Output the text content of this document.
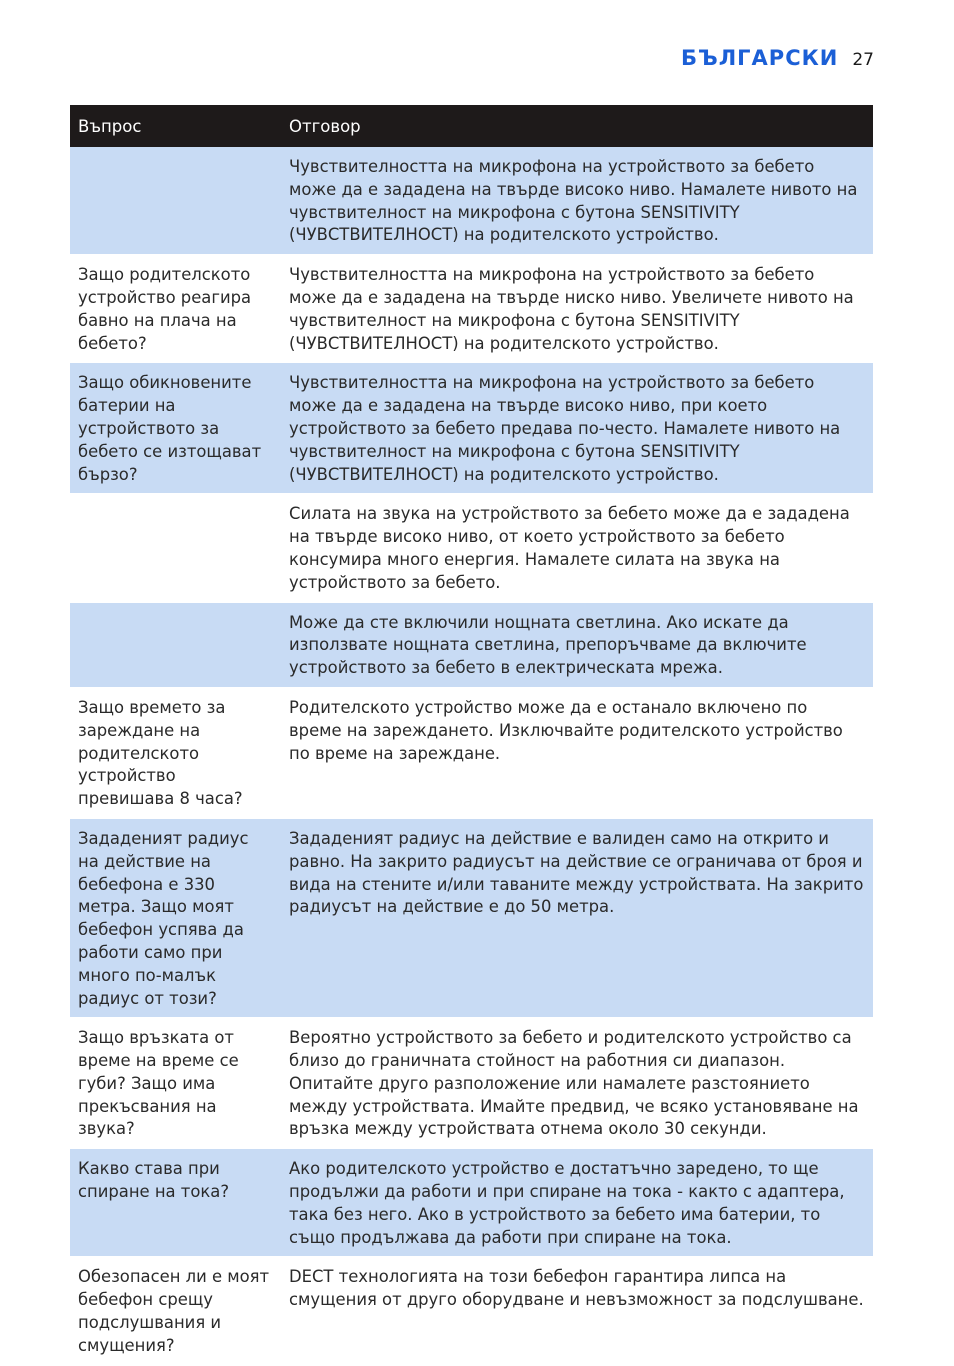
БЪЛГАРСКИ 27
Въпрос	Отговор
	Чувствителността на микрофона на устройството за бебето може да е зададена на твърде високо ниво. Намалете нивото на чувствителност на микрофона с бутона SENSITIVITY (ЧУВСТВИТЕЛНОСТ) на родителското устройство.
Защо родителското устройство реагира бавно на плача на бебето?	Чувствителността на микрофона на устройството за бебето може да е зададена на твърде ниско ниво. Увеличете нивото на чувствителност на микрофона с бутона SENSITIVITY (ЧУВСТВИТЕЛНОСТ) на родителското устройство.
Защо обикновените батерии на устройството за бебето се изтощават бързо?	Чувствителността на микрофона на устройството за бебето може да е зададена на твърде високо ниво, при което устройството за бебето предава по-често. Намалете нивото на чувствителност на микрофона с бутона SENSITIVITY (ЧУВСТВИТЕЛНОСТ) на родителското устройство.
	Силата на звука на устройството за бебето може да е зададена на твърде високо ниво, от което устройството за бебето консумира много енергия. Намалете силата на звука на устройството за бебето.
	Може да сте включили нощната светлина. Ако искате да използвате нощната светлина, препоръчваме да включите устройството за бебето в електрическата мрежа.
Защо времето за зареждане на родителското устройство превишава 8 часа?	Родителското устройство може да е останало включено по време на зареждането. Изключвайте родителското устройство по време на зареждане.
Зададеният радиус на действие на бебефона е 330 метра. Защо моят бебефон успява да работи само при много по-малък радиус от този?	Зададеният радиус на действие е валиден само на открито и равно. На закрито радиусът на действие се ограничава от броя и вида на стените и/или таваните между устройствата. На закрито радиусът на действие е до 50 метра.
Защо връзката от време на време се губи? Защо има прекъсвания на звука?	Вероятно устройството за бебето и родителското устройство са близо до граничната стойност на работния си диапазон. Опитайте друго разположение или намалете разстоянието между устройствата. Имайте предвид, че всяко установяване на връзка между устройствата отнема около 30 секунди.
Какво става при спиране на тока?	Ако родителското устройство е достатъчно заредено, то ще продължи да работи и при спиране на тока - както с адаптера, така без него. Ако в устройството за бебето има батерии, то също продължава да работи при спиране на тока.
Обезопасен ли е моят бебефон срещу подслушвания и смущения?	DECT технологията на този бебефон гарантира липса на смущения от друго оборудване и невъзможност за подслушване.
